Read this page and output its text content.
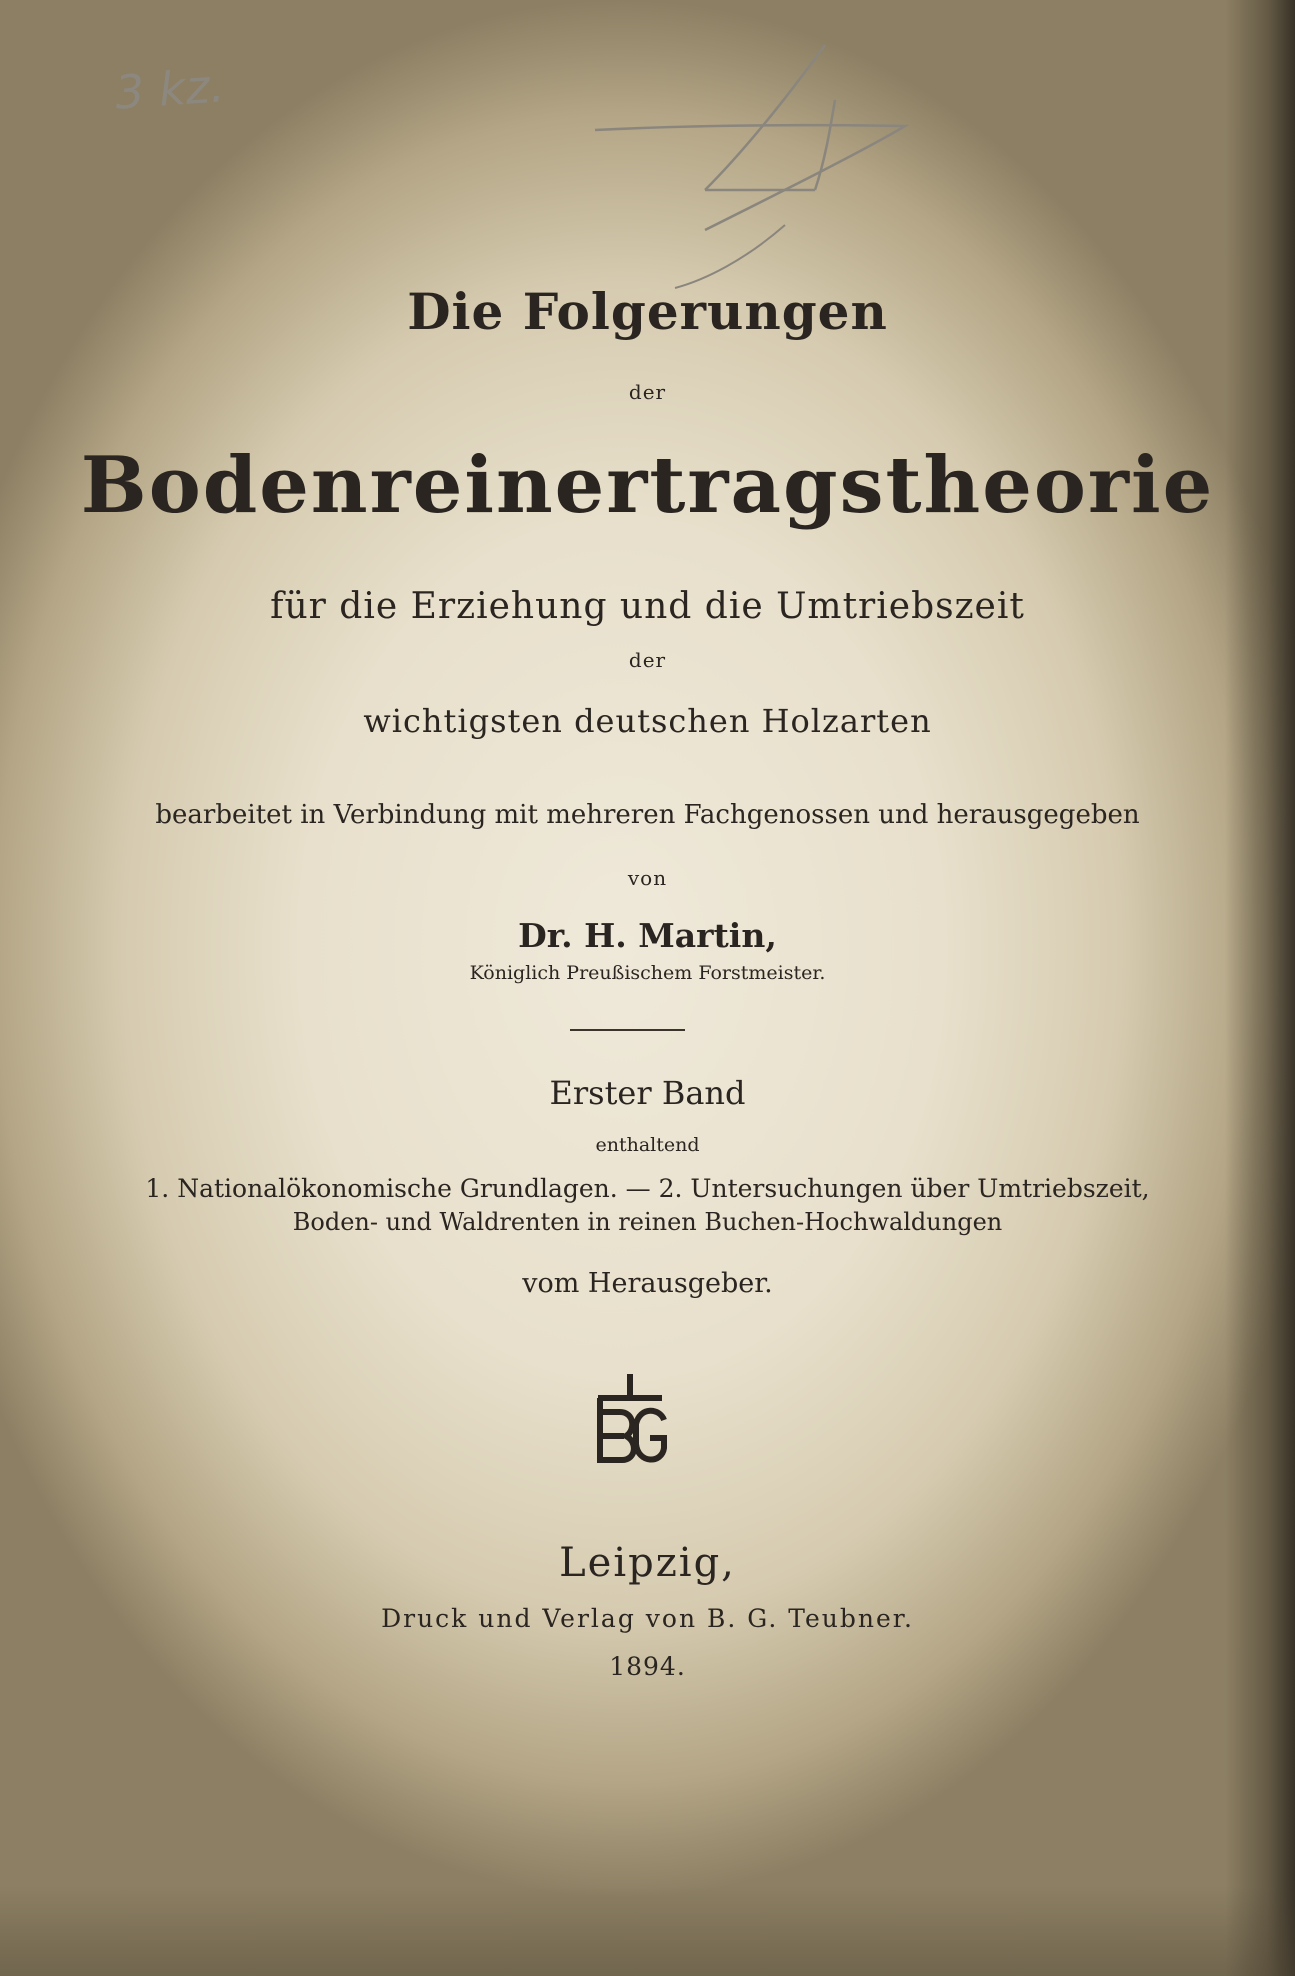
3 kz.
Die Folgerungen
der
Bodenreinertragstheorie
für die Erziehung und die Umtriebszeit
der
wichtigsten deutschen Holzarten
bearbeitet in Verbindung mit mehreren Fachgenossen und herausgegeben
von
Dr. H. Martin,
Königlich Preußischem Forstmeister.
Erster Band
enthaltend
1. Nationalökonomische Grundlagen. — 2. Untersuchungen über Umtriebszeit,
Boden- und Waldrenten in reinen Buchen-Hochwaldungen
vom Herausgeber.
Leipzig,
Druck und Verlag von B. G. Teubner.
1894.
